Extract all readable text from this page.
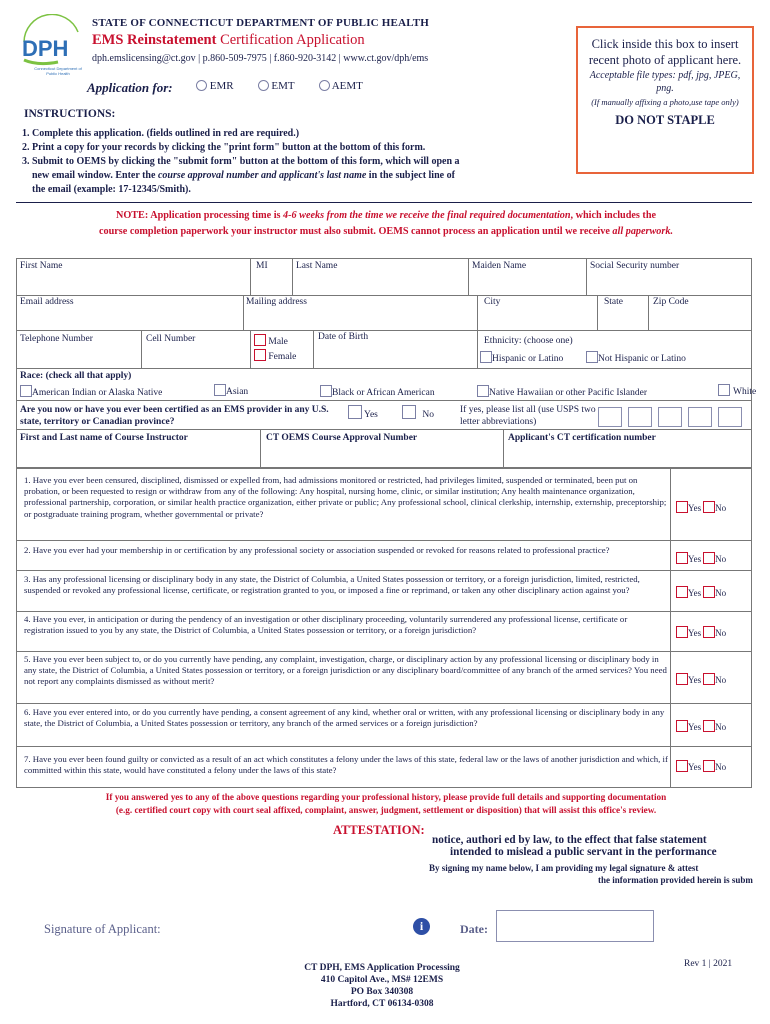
DPH
Connecticut Department of Public Health
STATE OF CONNECTICUT DEPARTMENT OF PUBLIC HEALTH
EMS Reinstatement Certification Application
dph.emslicensing@ct.gov | p.860-509-7975 | f.860-920-3142 | www.ct.gov/dph/ems
Application for:	EMR	EMT	AEMT
Click inside this box to insert recent photo of applicant here.
Acceptable file types: pdf, jpg, JPEG, png.
(If manually affixing a photo,use tape only)
DO NOT STAPLE
INSTRUCTIONS:
1. Complete this application. (fields outlined in red are required.)
2. Print a copy for your records by clicking the "print form" button at the bottom of this form.
3. Submit to OEMS by clicking the "submit form" button at the bottom of this form, which will open a
new email window. Enter the course approval number and applicant's last name in the subject line of
the email (example: 17-12345/Smith).
NOTE: Application processing time is 4-6 weeks from the time we receive the final required documentation, which includes the
course completion paperwork your instructor must also submit. OEMS cannot process an application until we receive all paperwork.
First Name	MI	Last Name	Maiden Name	Social Security number
Email address	Mailing address	City	State	Zip Code
Telephone Number	Cell Number	Male
Female
Date of Birth	Ethnicity: (choose one)
Hispanic or Latino	Not Hispanic or Latino
Race: (check all that apply)
American Indian or Alaska Native	Asian	Black or African American	Native Hawaiian or other Pacific Islander	White
Are you now or have you ever been certified as an EMS provider in any U.S. state, territory or Canadian province?
Yes	No	If yes, please list all (use USPS two letter abbreviations)
First and Last name of Course Instructor	CT OEMS Course Approval Number	Applicant's CT certification number
1. Have you ever been censured, disciplined, dismissed or expelled from, had admissions monitored or restricted, had privileges limited, suspended or terminated, been put on probation, or been requested to resign or withdraw from any of the following: Any hospital, nursing home, clinic, or similar institution; Any health maintenance organization, professional partnership, corporation, or similar health practice organization, either private or public; Any professional school, clinical clerkship, internship, externship, preceptorship; or postgraduate training program, whether governmental or private?
Yes No
2. Have you ever had your membership in or certification by any professional society or association suspended or revoked for reasons related to professional practice?
Yes No
3. Has any professional licensing or disciplinary body in any state, the District of Columbia, a United States possession or territory, or a foreign jurisdiction, limited, restricted, suspended or revoked any professional license, certificate, or registration granted to you, or imposed a fine or reprimand, or taken any other disciplinary action against you?	Yes No
4. Have you ever, in anticipation or during the pendency of an investigation or other disciplinary proceeding, voluntarily surrendered any professional license, certificate or registration issued to you by any state, the District of Columbia, a United States possession or territory, or a foreign jurisdiction?	Yes No
5. Have you ever been subject to, or do you currently have pending, any complaint, investigation, charge, or disciplinary action by any professional licensing or disciplinary body in any state, the District of Columbia, a United States possession or territory, or a foreign jurisdiction or any disciplinary board/committee of any branch of the armed services? You need not report any complaints dismissed as without merit?	Yes No
6. Have you ever entered into, or do you currently have pending, a consent agreement of any kind, whether oral or written, with any professional licensing or disciplinary body in any state, the District of Columbia, a United States possession or territory, any branch of the armed services or a foreign jurisdiction?	Yes No
7. Have you ever been found guilty or convicted as a result of an act which constitutes a felony under the laws of this state, federal law or the laws of another jurisdiction and which, if committed within this state, would have constituted a felony under the laws of this state?	Yes No
If you answered yes to any of the above questions regarding your professional history, please provide full details and supporting documentation
(e.g. certified court copy with court seal affixed, complaint, answer, judgment, settlement or disposition) that will assist this office's review.
ATTESTATION:
notice, authori ed by law, to the effect that false statement
intended to mislead a public servant in the performance
By signing my name below, I am providing my legal signature & attest
the information provided herein is subm
Signature of Applicant:	i	Date:
CT DPH, EMS Application Processing
410 Capitol Ave., MS# 12EMS
PO Box 340308
Hartford, CT 06134-0308
Rev 1 | 2021
